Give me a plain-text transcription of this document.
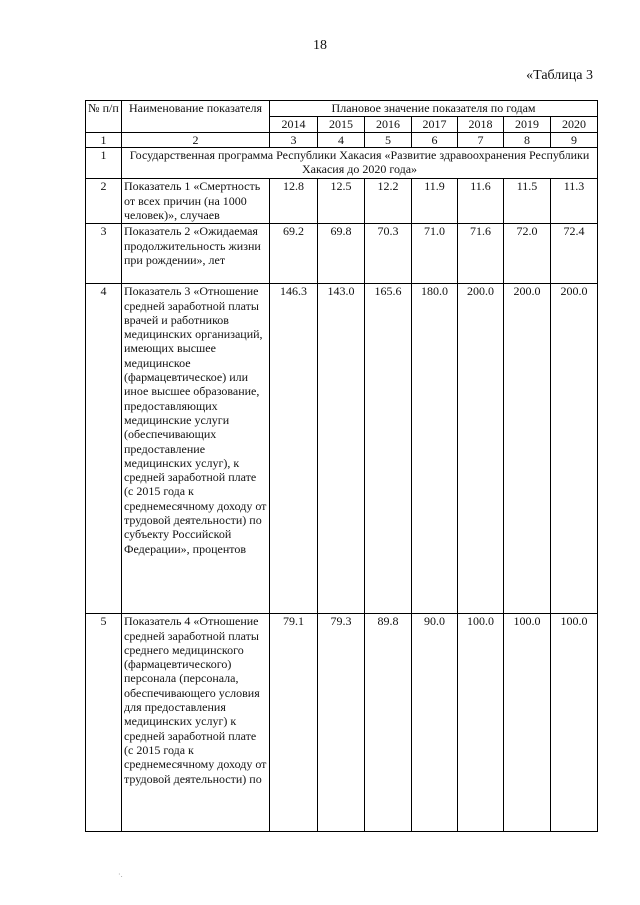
18
«Таблица 3
№ п/п	Наименование показателя	Плановое значение показателя по годам						
		2014	2015	2016	2017	2018	2019	2020
1	2	3	4	5	6	7	8	9
1	Государственная программа Республики Хакасия «Развитие здравоохранения Республики Хакасия до 2020 года»							
2	Показатель 1 «Смертность от всех причин (на 1000 человек)», случаев	12.8	12.5	12.2	11.9	11.6	11.5	11.3
3	Показатель 2 «Ожидаемая продолжительность жизни при рождении», лет	69.2	69.8	70.3	71.0	71.6	72.0	72.4
4	Показатель 3 «Отношение средней заработной платы врачей и работников медицинских организаций, имеющих высшее медицинское (фармацевтическое) или иное высшее образование, предоставляющих медицинские услуги (обеспечивающих предоставление медицинских услуг), к средней заработной плате (с 2015 года к среднемесячному доходу от трудовой деятельности) по субъекту Российской Федерации», процентов	146.3	143.0	165.6	180.0	200.0	200.0	200.0
5	Показатель 4 «Отношение средней заработной платы среднего медицинского (фармацевтического) персонала (персонала, обеспечивающего условия для предоставления медицинских услуг) к средней заработной плате (с 2015 года к среднемесячному доходу от трудовой деятельности) по	79.1	79.3	89.8	90.0	100.0	100.0	100.0
·.
